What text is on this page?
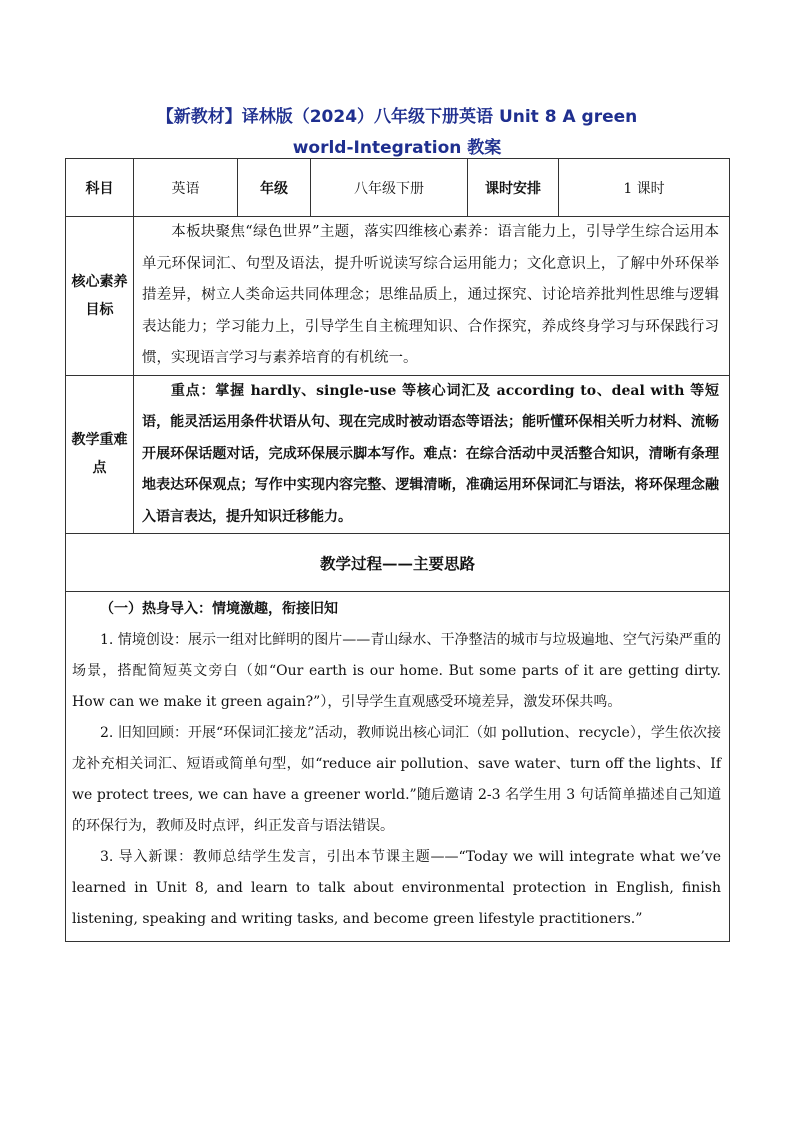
【新教材】译林版（2024）八年级下册英语 Unit 8 A green
world-Integration 教案
科目	英语	年级	八年级下册	课时安排	1 课时
核心素养目标	本板块聚焦“绿色世界”主题，落实四维核心素养：语言能力上，引导学生综合运用本单元环保词汇、句型及语法，提升听说读写综合运用能力；文化意识上，了解中外环保举措差异，树立人类命运共同体理念；思维品质上，通过探究、讨论培养批判性思维与逻辑表达能力；学习能力上，引导学生自主梳理知识、合作探究，养成终身学习与环保践行习惯，实现语言学习与素养培育的有机统一。				
教学重难点	重点：掌握 hardly、single-use 等核心词汇及 according to、deal with 等短语，能灵活运用条件状语从句、现在完成时被动语态等语法；能听懂环保相关听力材料、流畅开展环保话题对话，完成环保展示脚本写作。难点：在综合活动中灵活整合知识，清晰有条理地表达环保观点；写作中实现内容完整、逻辑清晰，准确运用环保词汇与语法，将环保理念融入语言表达，提升知识迁移能力。				
教学过程——主要思路					

（一）热身导入：情境激趣，衔接旧知

1. 情境创设：展示一组对比鲜明的图片——青山绿水、干净整洁的城市与垃圾遍地、空气污染严重的场景，搭配简短英文旁白（如“Our earth is our home. But some parts of it are getting dirty. How can we make it green again?”），引导学生直观感受环境差异，激发环保共鸣。

2. 旧知回顾：开展“环保词汇接龙”活动，教师说出核心词汇（如 pollution、recycle），学生依次接龙补充相关词汇、短语或简单句型，如“reduce air pollution、save water、turn off the lights、If we protect trees, we can have a greener world.”随后邀请 2-3 名学生用 3 句话简单描述自己知道的环保行为，教师及时点评，纠正发音与语法错误。

3. 导入新课：教师总结学生发言，引出本节课主题——“Today we will integrate what we’ve learned in Unit 8, and learn to talk about environmental protection in English, finish listening, speaking and writing tasks, and become green lifestyle practitioners.”					
